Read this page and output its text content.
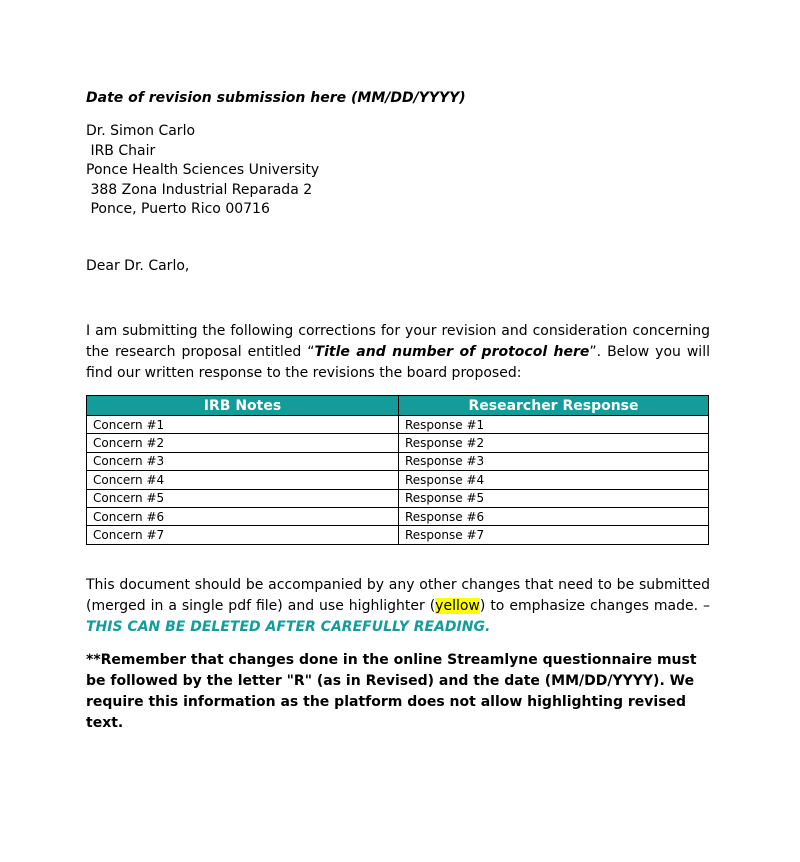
Date of revision submission here (MM/DD/YYYY)
Dr. Simon Carlo
IRB Chair
Ponce Health Sciences University
388 Zona Industrial Reparada 2
Ponce, Puerto Rico 00716
Dear Dr. Carlo,
I am submitting the following corrections for your revision and consideration concerning the research proposal entitled “Title and number of protocol here”. Below you will find our written response to the revisions the board proposed:
IRB Notes	Researcher Response
Concern #1	Response #1
Concern #2	Response #2
Concern #3	Response #3
Concern #4	Response #4
Concern #5	Response #5
Concern #6	Response #6
Concern #7	Response #7
This document should be accompanied by any other changes that need to be submitted (merged in a single pdf file) and use highlighter (yellow) to emphasize changes made. – THIS CAN BE DELETED AFTER CAREFULLY READING.
**Remember that changes done in the online Streamlyne questionnaire must be followed by the letter "R" (as in Revised) and the date (MM/DD/YYYY). We require this information as the platform does not allow highlighting revised text.
